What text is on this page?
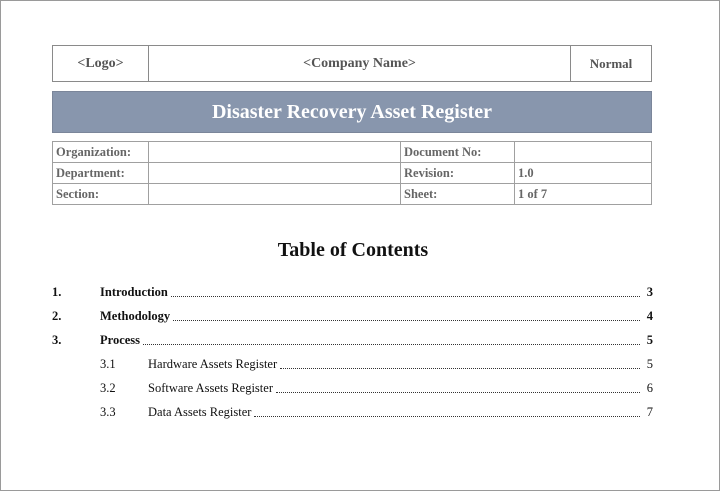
<Logo>	<Company Name>	Normal
Disaster Recovery Asset Register
Organization:		Document No:	
Department:		Revision:	1.0
Section:		Sheet:	1 of 7
Table of Contents
1.	Introduction	3
2.	Methodology	4
3.	Process	5
3.1	Hardware Assets Register	5
3.2	Software Assets Register	6
3.3	Data Assets Register	7
